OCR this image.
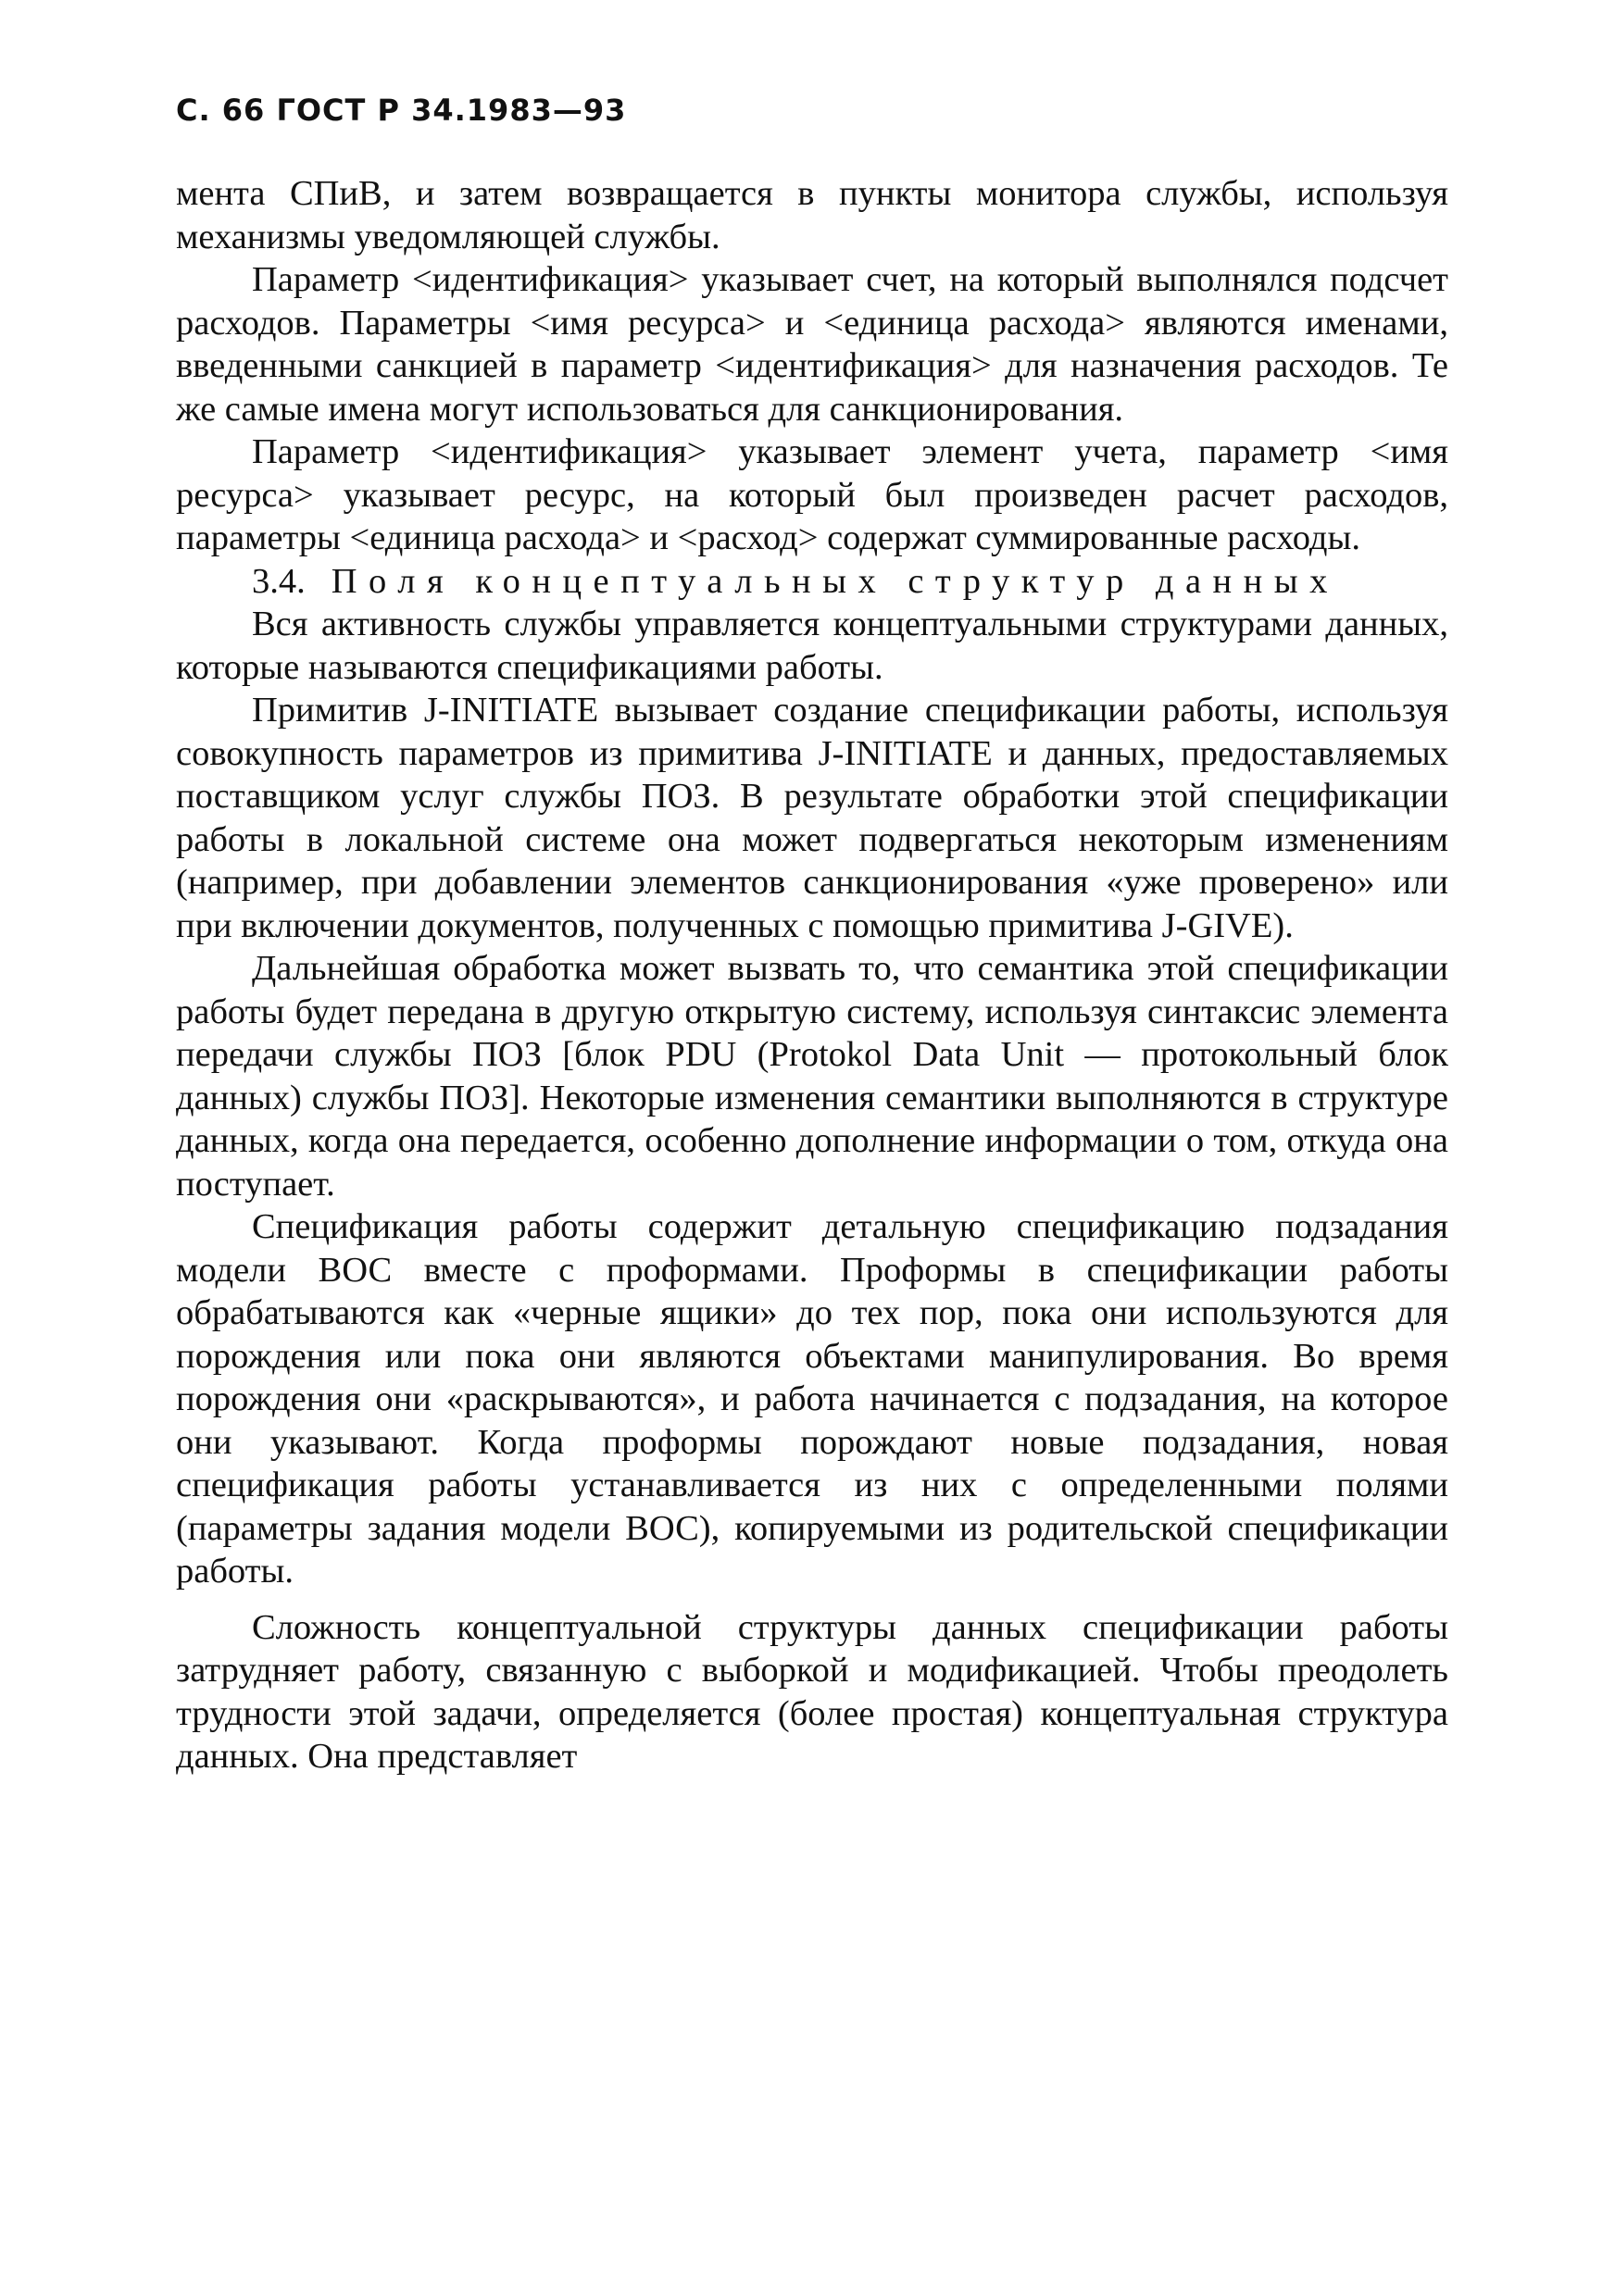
С. 66 ГОСТ Р 34.1983—93

мента СПиВ, и затем возвращается в пункты монитора службы, используя механизмы уведомляющей службы.

Параметр <идентификация> указывает счет, на который выполнялся подсчет расходов. Параметры <имя ресурса> и <единица расхода> являются именами, введенными санкцией в параметр <идентификация> для назначения расходов. Те же самые имена могут использоваться для санкционирования.

Параметр <идентификация> указывает элемент учета, параметр <имя ресурса> указывает ресурс, на который был произведен расчет расходов, параметры <единица расхода> и <расход> содержат суммированные расходы.

3.4. Поля концептуальных структур данных

Вся активность службы управляется концептуальными структурами данных, которые называются спецификациями работы.

Примитив J-INITIATE вызывает создание спецификации работы, используя совокупность параметров из примитива J-INITIATE и данных, предоставляемых поставщиком услуг службы ПОЗ. В результате обработки этой спецификации работы в локальной системе она может подвергаться некоторым изменениям (например, при добавлении элементов санкционирования «уже проверено» или при включении документов, полученных с помощью примитива J-GIVE).

Дальнейшая обработка может вызвать то, что семантика этой спецификации работы будет передана в другую открытую систему, используя синтаксис элемента передачи службы ПОЗ [блок PDU (Protokol Data Unit — протокольный блок данных) службы ПОЗ]. Некоторые изменения семантики выполняются в структуре данных, когда она передается, особенно дополнение информации о том, откуда она поступает.

Спецификация работы содержит детальную спецификацию подзадания модели ВОС вместе с проформами. Проформы в спецификации работы обрабатываются как «черные ящики» до тех пор, пока они используются для порождения или пока они являются объектами манипулирования. Во время порождения они «раскрываются», и работа начинается с подзадания, на которое они указывают. Когда проформы порождают новые подзадания, новая спецификация работы устанавливается из них с определенными полями (параметры задания модели ВОС), копируемыми из родительской спецификации работы.

Сложность концептуальной структуры данных спецификации работы затрудняет работу, связанную с выборкой и модификацией. Чтобы преодолеть трудности этой задачи, определяется (более простая) концептуальная структура данных. Она представляет
